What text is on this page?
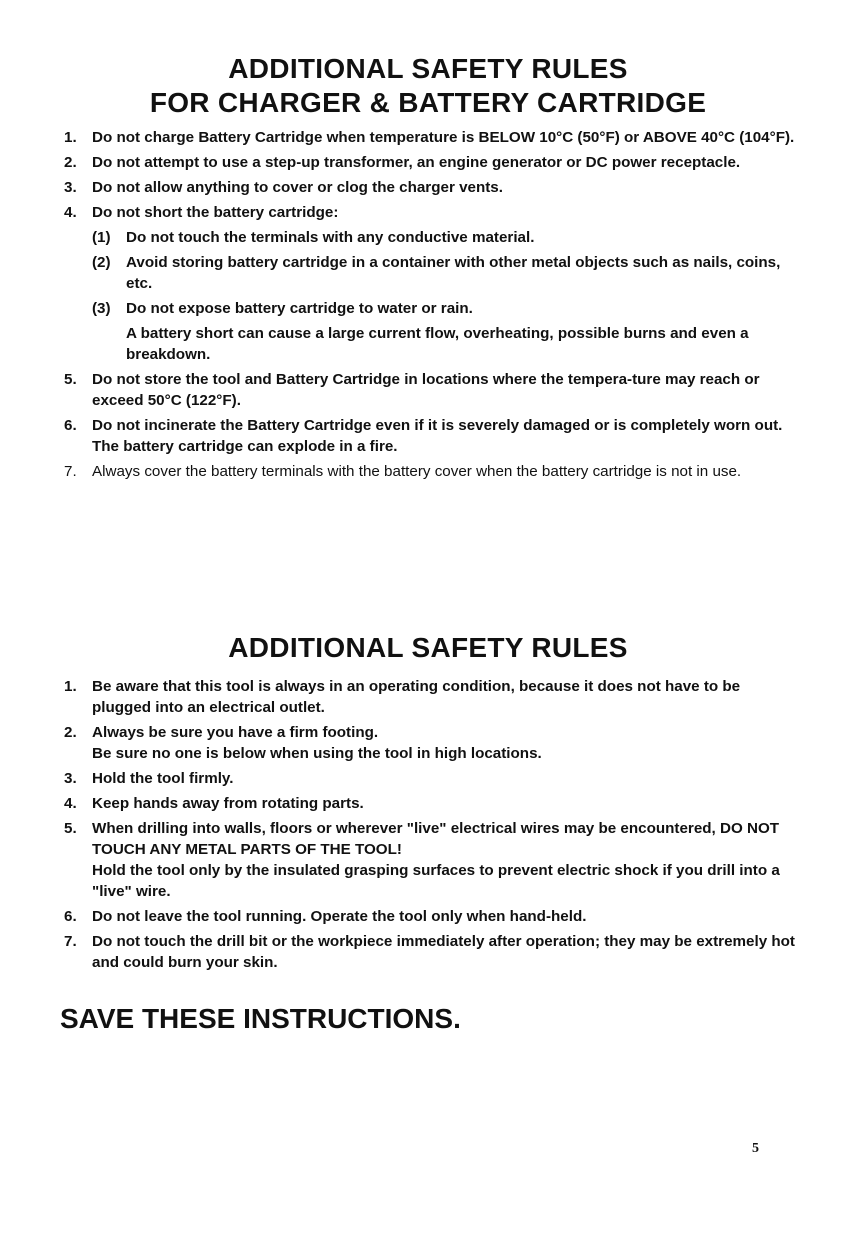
ADDITIONAL SAFETY RULES
FOR CHARGER & BATTERY CARTRIDGE
1. Do not charge Battery Cartridge when temperature is BELOW 10°C (50°F) or ABOVE 40°C (104°F).
2. Do not attempt to use a step-up transformer, an engine generator or DC power receptacle.
3. Do not allow anything to cover or clog the charger vents.
4. Do not short the battery cartridge:
(1) Do not touch the terminals with any conductive material.
(2) Avoid storing battery cartridge in a container with other metal objects such as nails, coins, etc.
(3) Do not expose battery cartridge to water or rain.
A battery short can cause a large current flow, overheating, possible burns and even a breakdown.
5. Do not store the tool and Battery Cartridge in locations where the tempera-ture may reach or exceed 50°C (122°F).
6. Do not incinerate the Battery Cartridge even if it is severely damaged or is completely worn out. The battery cartridge can explode in a fire.
7. Always cover the battery terminals with the battery cover when the battery cartridge is not in use.
ADDITIONAL SAFETY RULES
1. Be aware that this tool is always in an operating condition, because it does not have to be plugged into an electrical outlet.
2. Always be sure you have a firm footing.
Be sure no one is below when using the tool in high locations.
3. Hold the tool firmly.
4. Keep hands away from rotating parts.
5. When drilling into walls, floors or wherever "live" electrical wires may be encountered, DO NOT TOUCH ANY METAL PARTS OF THE TOOL!
Hold the tool only by the insulated grasping surfaces to prevent electric shock if you drill into a "live" wire.
6. Do not leave the tool running. Operate the tool only when hand-held.
7. Do not touch the drill bit or the workpiece immediately after operation; they may be extremely hot and could burn your skin.
SAVE THESE INSTRUCTIONS.
5
